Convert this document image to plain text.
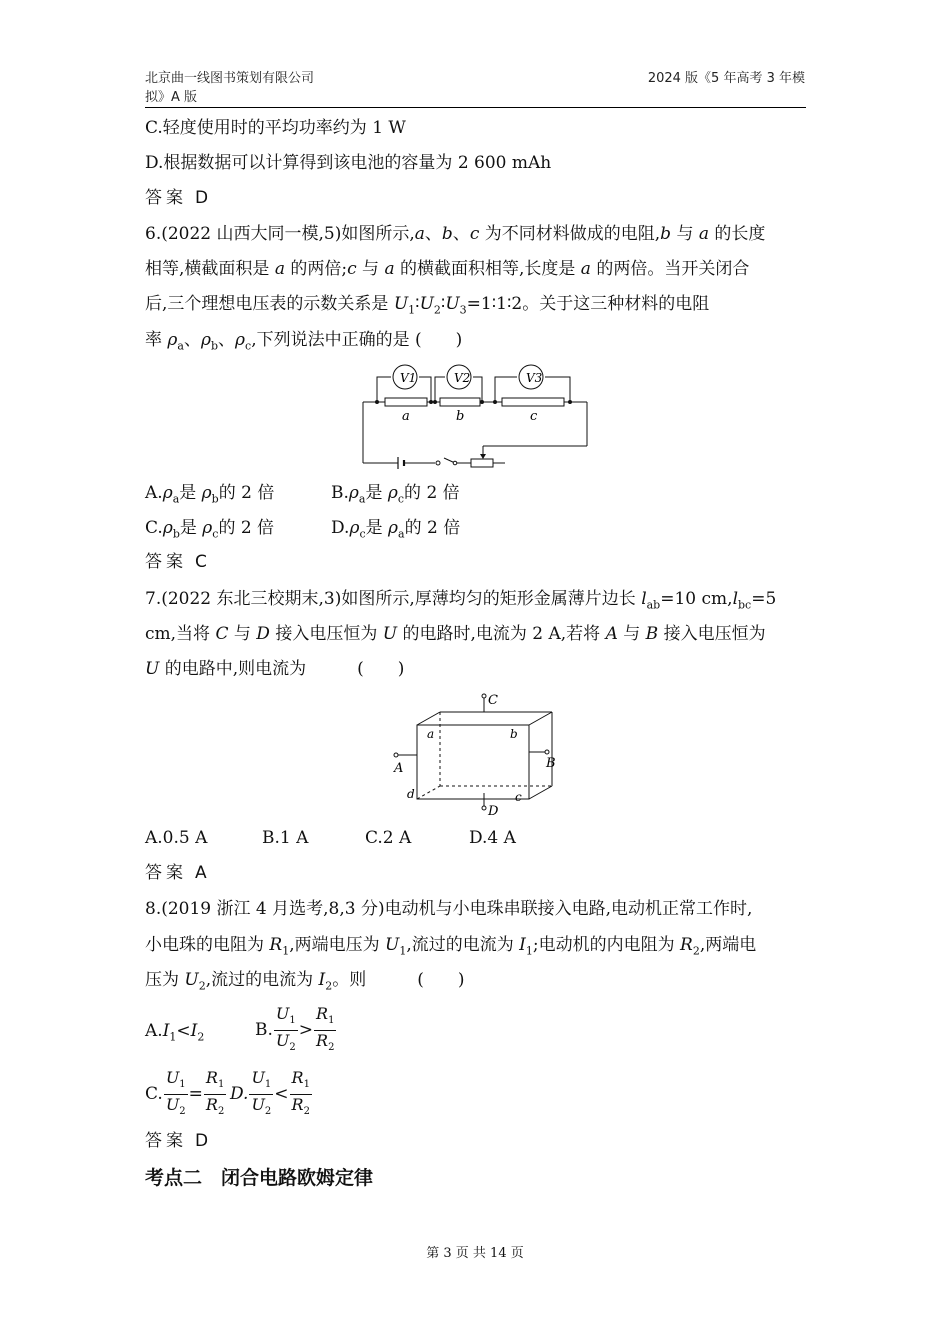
北京曲一线图书策划有限公司
拟》A 版
2024 版《5 年高考 3 年模
C.轻度使用时的平均功率约为 1 W
D.根据数据可以计算得到该电池的容量为 2 600 mAh
答案 D
6.(2022 山西大同一模,5)如图所示,a、b、c 为不同材料做成的电阻,b 与 a 的长度
相等,横截面积是 a 的两倍;c 与 a 的横截面积相等,长度是 a 的两倍。当开关闭合
后,三个理想电压表的示数关系是 $U_1∶U_2∶U_3=1∶1∶2$。关于这三种材料的电阻
率 $\rho_a$、$\rho_b$、$\rho_c$,下列说法中正确的是 (　　)
V1	V2	V3
a	b	c
$A.\rho_a$是 $\rho_b$的 2 倍	$B.\rho_a$是 $\rho_c$的 2 倍
$C.\rho_b$是 $\rho_c$的 2 倍	$D.\rho_c$是 $\rho_a$的 2 倍
答案 C
7.(2022 东北三校期末,3)如图所示,厚薄均匀的矩形金属薄片边长 $l_{ab}=10$ $cm,l_{bc}=5$
cm,当将 C 与 D 接入电压恒为 U 的电路时,电流为 2 A,若将 A 与 B 接入电压恒为
U 的电路中,则电流为　　　(　　)
C
D
A	B
a	b
c
d
A.0.5 A	B.1 A	C.2 A	D.4 A
答案 A
8.(2019 浙江 4 月选考,8,3 分)电动机与小电珠串联接入电路,电动机正常工作时,
小电珠的电阻为 $R_1$,两端电压为 $U_1$,流过的电流为 $I_1$;电动机的内电阻为 $R_2$,两端电
压为 $U_2$,流过的电流为 $I_2$。则　　　(　　)
$A.I_1<I_2$	B. $\frac{U_1}{U_2} > \frac{R_1}{R_2}$
C. $\frac{U_1}{U_2} = \frac{R_1}{R_2} D$. $\frac{U_1}{U_2} < \frac{R_1}{R_2}$
答案 D
考点二　闭合电路欧姆定律
第 3 页 共 14 页
